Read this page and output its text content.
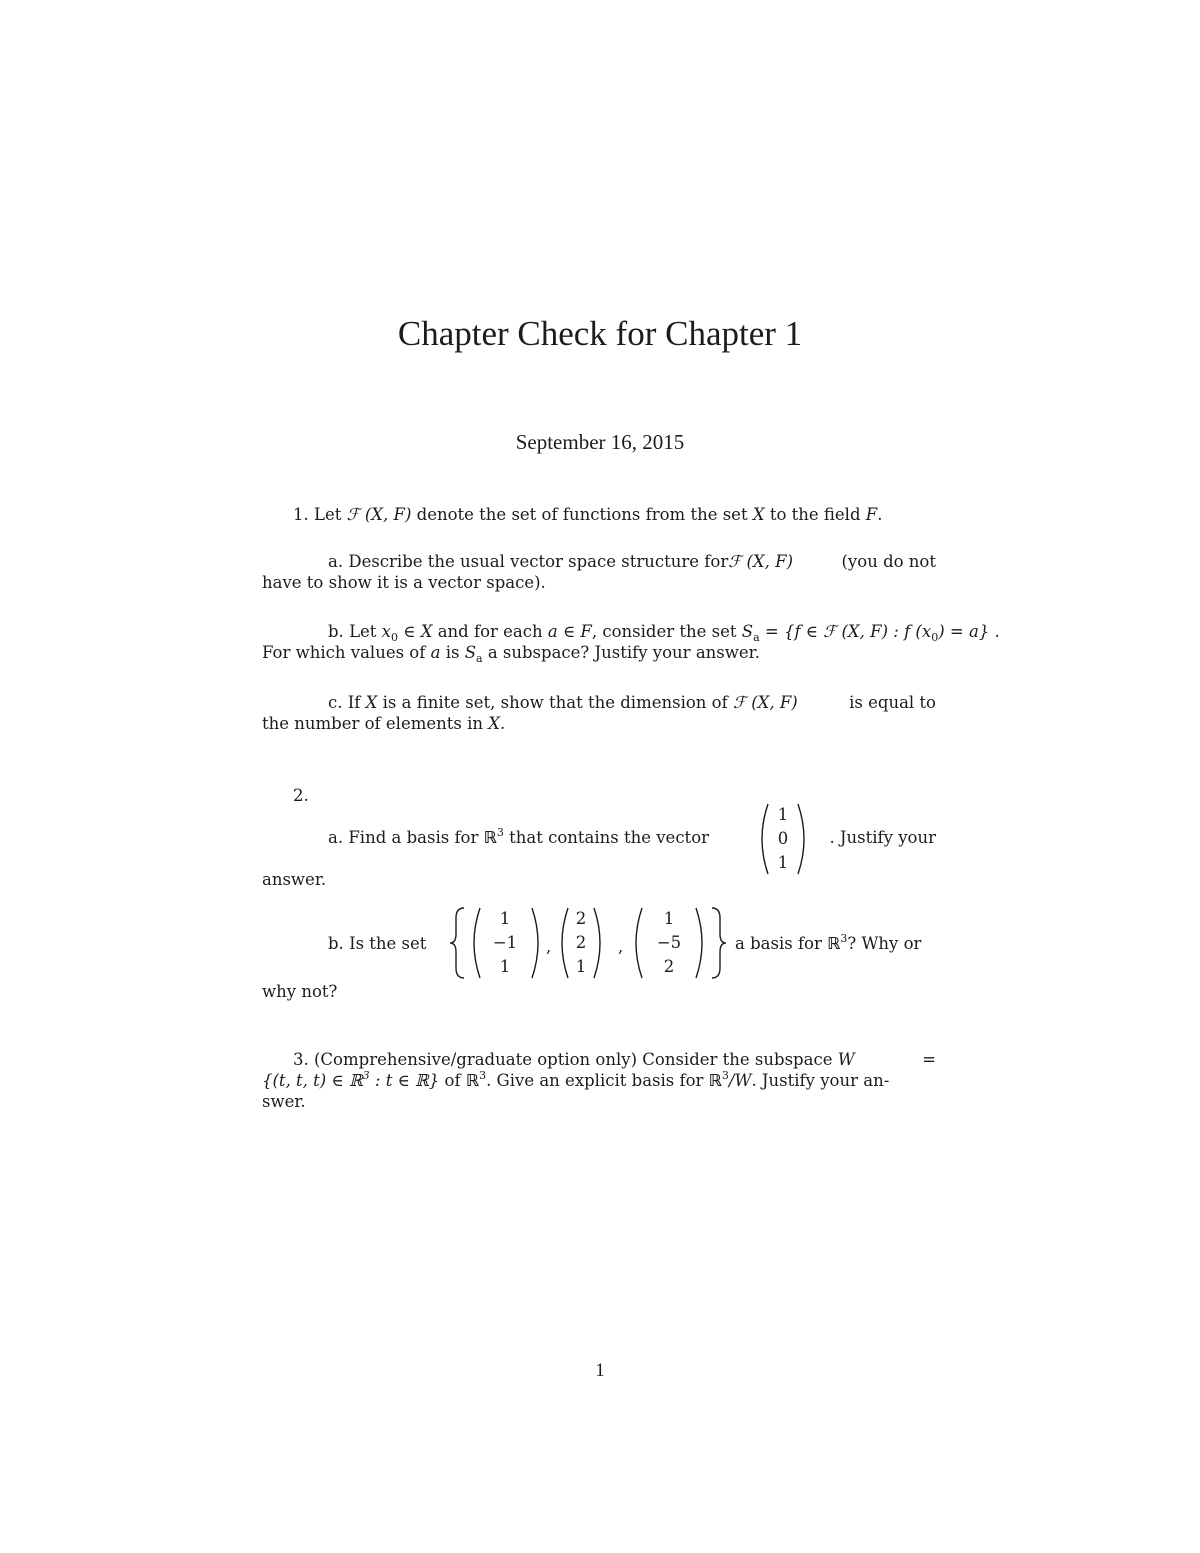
Chapter Check for Chapter 1
September 16, 2015
1. Let ℱ (X, F) denote the set of functions from the set X to the field F.
a. Describe the usual vector space structure forℱ (X, F)	(you do not
have to show it is a vector space).
b. Let $x_0$ ∈ X and for each a ∈ F, consider the set $S_a = \{f$ ∈ ℱ (X, F) : f $(x_0) = a$} .
For which values of a is $S_a$ a subspace? Justify your answer.
c. If X is a finite set, show that the dimension of ℱ (X, F)	is equal to
the number of elements in X.
2.
a. Find a basis for ℝ$^3$ that contains the vector	. Justify your
answer.
1
0
1
b. Is the set
1
−1
1
,
2
2
1
,
1
−5
2
a basis for ℝ$^3$? Why or
why not?
3. (Comprehensive/graduate option only) Consider the subspace W	=
{(t, t, t) ∈ ℝ$^3$ : t ∈ ℝ} of ℝ$^3$. Give an explicit basis for ℝ$^3$/W. Justify your an-
swer.
1
